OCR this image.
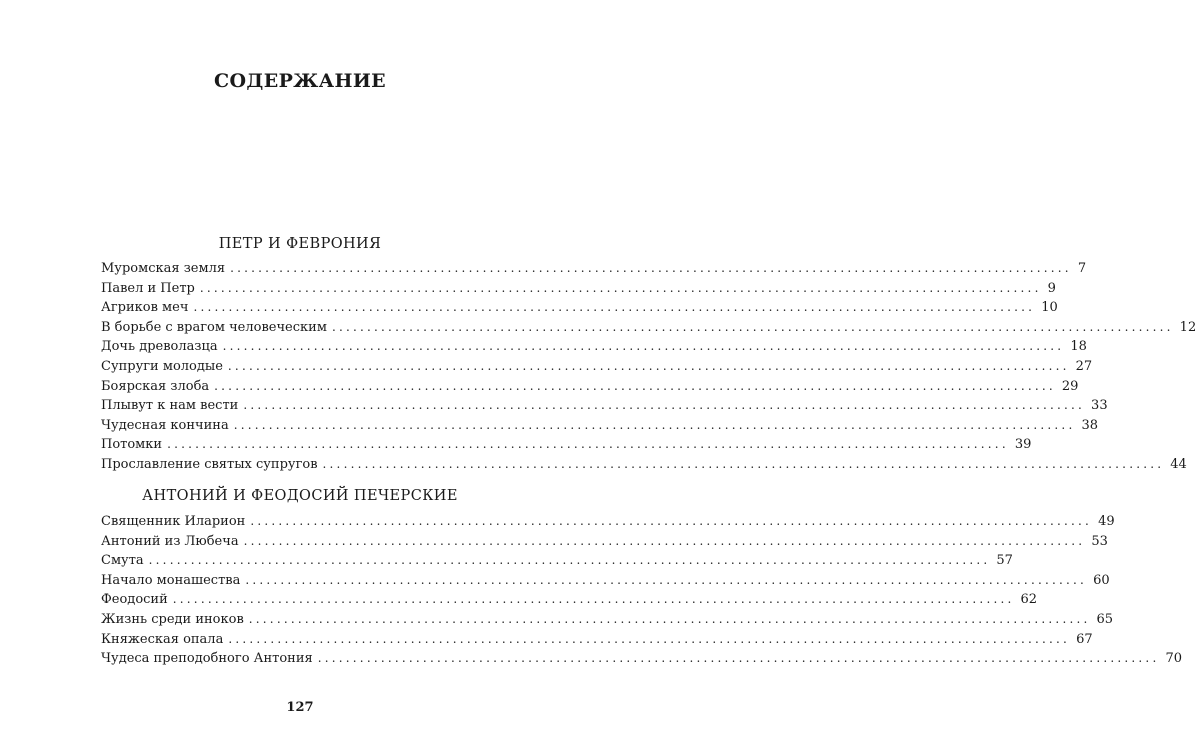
СОДЕРЖАНИЕ
ПЕТР И ФЕВРОНИЯ
Муромская земля ........................................................................................................................ 7
Павел и Петр ........................................................................................................................ 9
Агриков меч ........................................................................................................................ 10
В борьбе с врагом человеческим ........................................................................................................................ 12
Дочь древолазца ........................................................................................................................ 18
Супруги молодые ........................................................................................................................ 27
Боярская злоба ........................................................................................................................ 29
Плывут к нам вести ........................................................................................................................ 33
Чудесная кончина ........................................................................................................................ 38
Потомки ........................................................................................................................ 39
Прославление святых супругов ........................................................................................................................ 44
АНТОНИЙ И ФЕОДОСИЙ ПЕЧЕРСКИЕ
Священник Иларион ........................................................................................................................ 49
Антоний из Любеча ........................................................................................................................ 53
Смута ........................................................................................................................ 57
Начало монашества ........................................................................................................................ 60
Феодосий ........................................................................................................................ 62
Жизнь среди иноков ........................................................................................................................ 65
Княжеская опала ........................................................................................................................ 67
Чудеса преподобного Антония ........................................................................................................................ 70
127
